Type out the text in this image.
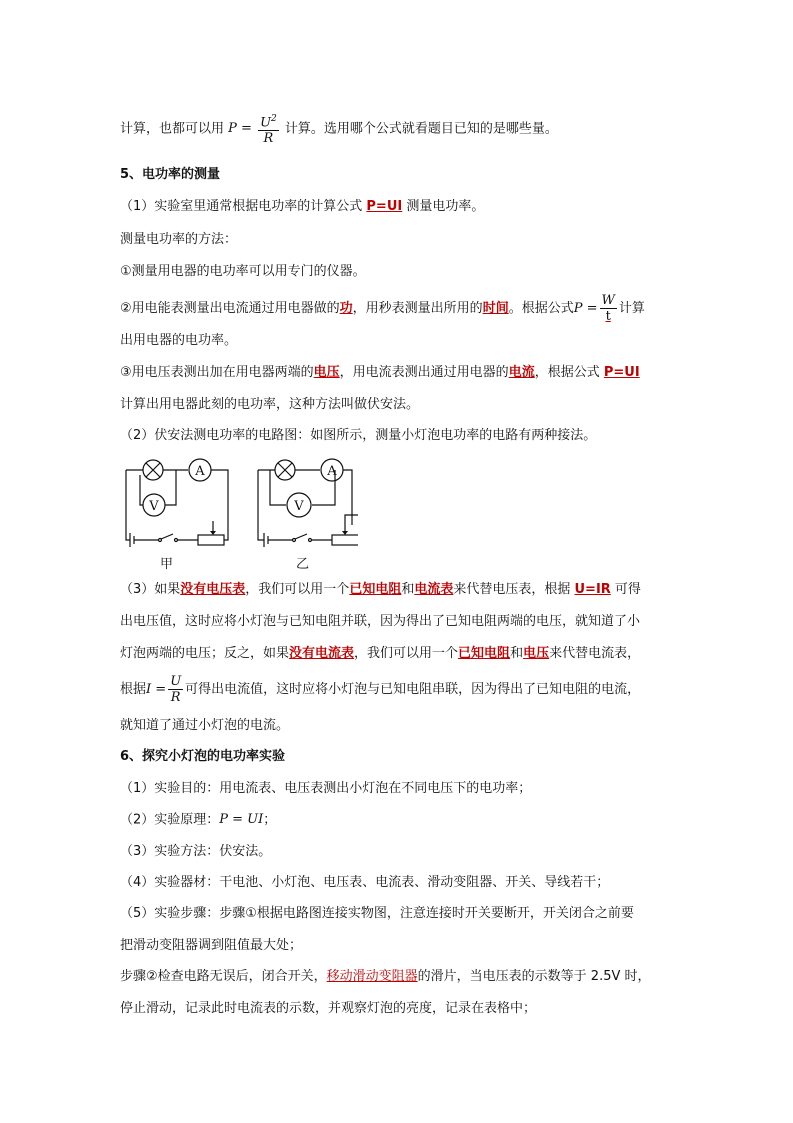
计算，也都可以用 $P = \frac{U^2}{R}$ 计算。选用哪个公式就看题目已知的是哪些量。
5、电功率的测量
（1）实验室里通常根据电功率的计算公式 P=UI 测量电功率。
测量电功率的方法：
①测量用电器的电功率可以用专门的仪器。
②用电能表测量出电流通过用电器做的功，用秒表测量出所用的时间。根据公式$P = \frac{W}{t}$ 计算
出用电器的电功率。
③用电压表测出加在用电器两端的电压，用电流表测出通过用电器的电流，根据公式 P=UI
计算出用电器此刻的电功率，这种方法叫做伏安法。
（2）伏安法测电功率的电路图：如图所示，测量小灯泡电功率的电路有两种接法。
A
V
A
V
甲	乙
（3）如果没有电压表，我们可以用一个已知电阻和电流表来代替电压表，根据 U=IR 可得
出电压值，这时应将小灯泡与已知电阻并联，因为得出了已知电阻两端的电压，就知道了小
灯泡两端的电压；反之，如果没有电流表，我们可以用一个已知电阻和电压来代替电流表，
根据$I = \frac{U}{R}$ 可得出电流值，这时应将小灯泡与已知电阻串联，因为得出了已知电阻的电流，
就知道了通过小灯泡的电流。
6、探究小灯泡的电功率实验
（1）实验目的：用电流表、电压表测出小灯泡在不同电压下的电功率；
（2）实验原理：P = UI；
（3）实验方法：伏安法。
（4）实验器材：干电池、小灯泡、电压表、电流表、滑动变阻器、开关、导线若干；
（5）实验步骤：步骤①根据电路图连接实物图，注意连接时开关要断开，开关闭合之前要
把滑动变阻器调到阻值最大处；
步骤②检查电路无误后，闭合开关，移动滑动变阻器的滑片，当电压表的示数等于 2.5V 时，
停止滑动，记录此时电流表的示数，并观察灯泡的亮度，记录在表格中；
